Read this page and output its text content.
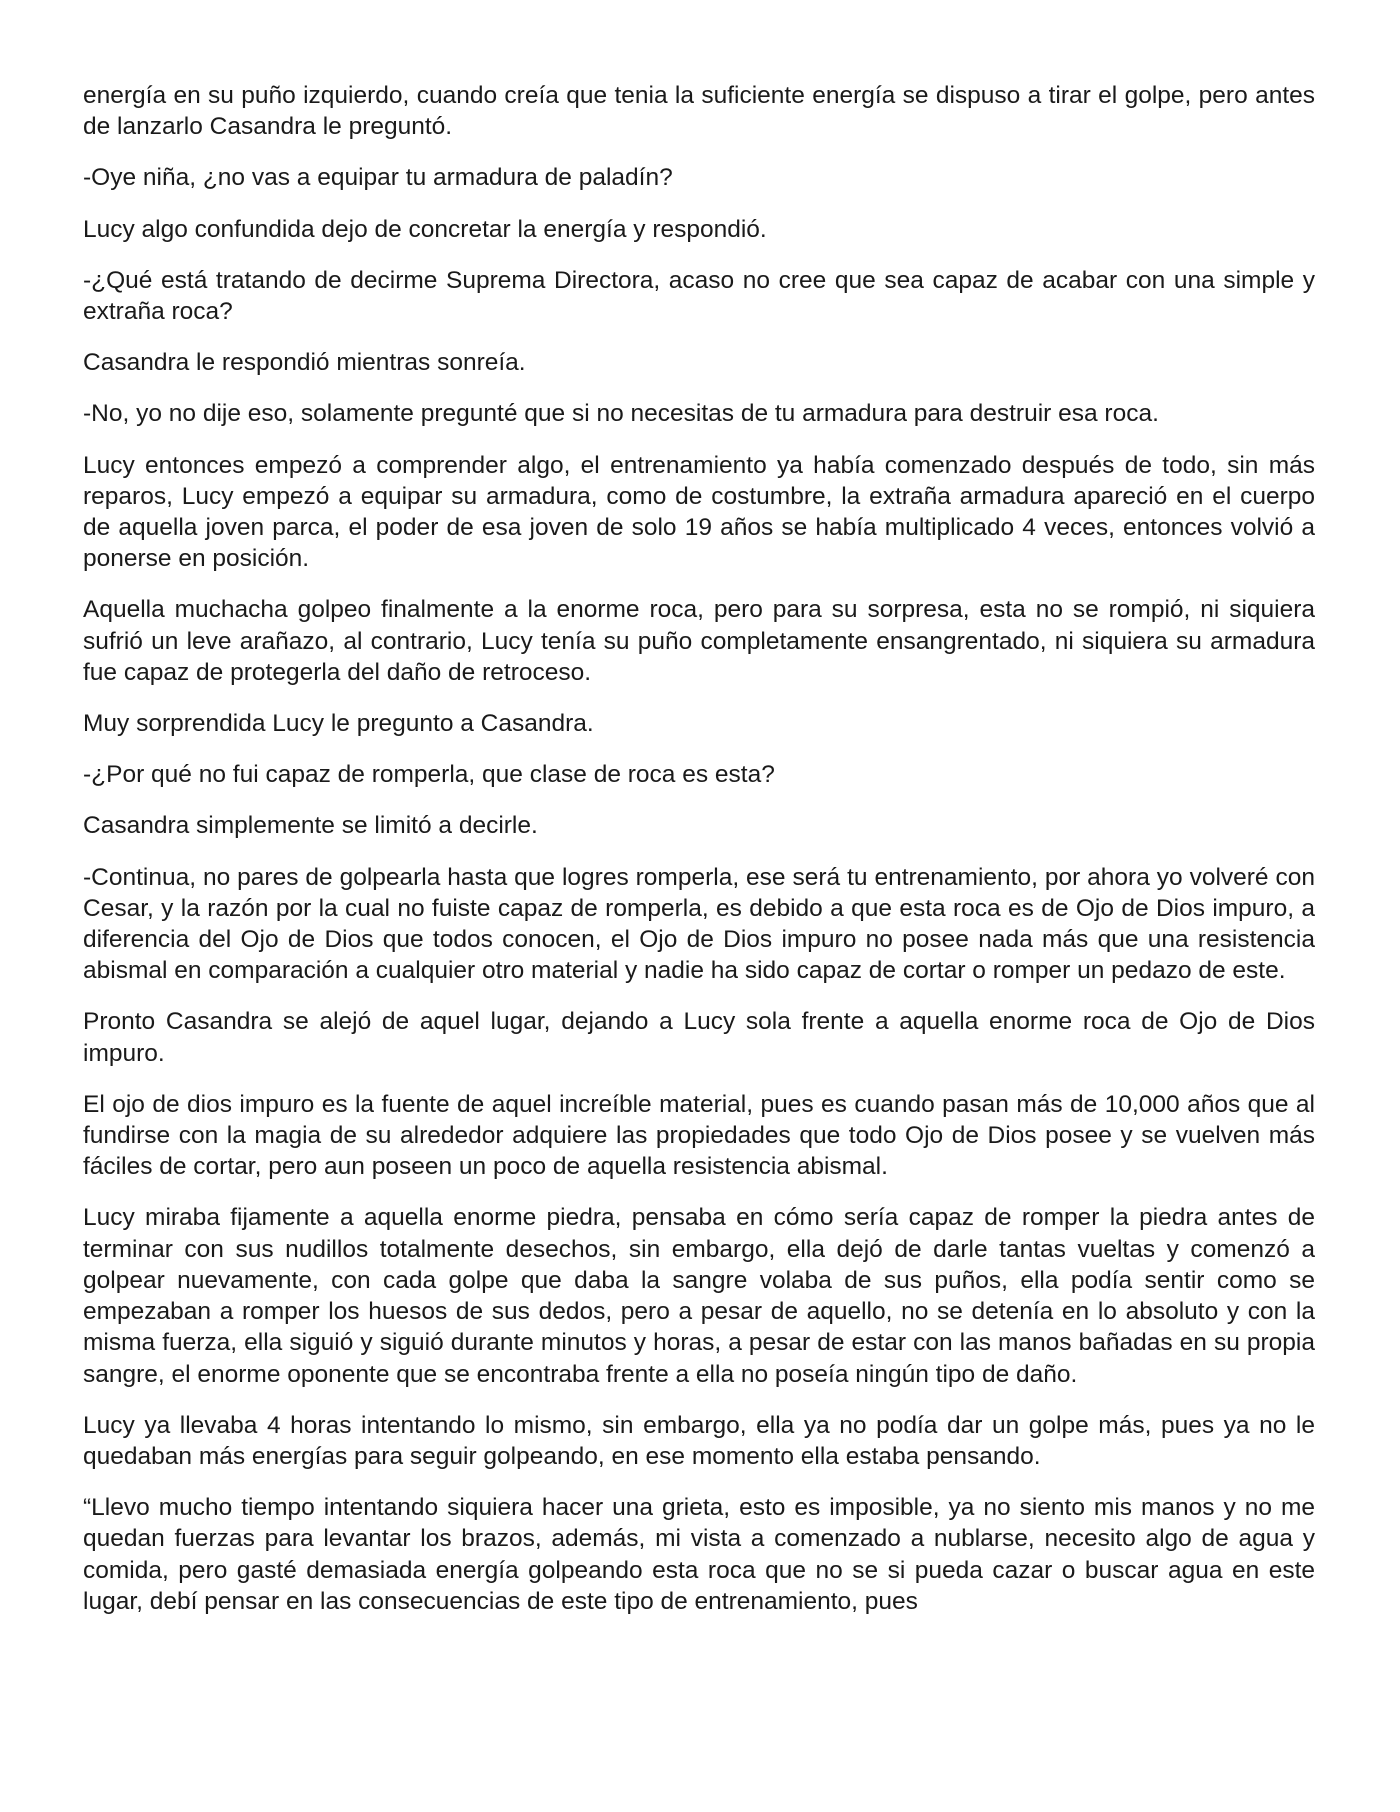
energía en su puño izquierdo, cuando creía que tenia la suficiente energía se dispuso a tirar el golpe, pero antes de lanzarlo Casandra le preguntó.

-Oye niña, ¿no vas a equipar tu armadura de paladín?

Lucy algo confundida dejo de concretar la energía y respondió.

-¿Qué está tratando de decirme Suprema Directora, acaso no cree que sea capaz de acabar con una simple y extraña roca?

Casandra le respondió mientras sonreía.

-No, yo no dije eso, solamente pregunté que si no necesitas de tu armadura para destruir esa roca.

Lucy entonces empezó a comprender algo, el entrenamiento ya había comenzado después de todo, sin más reparos, Lucy empezó a equipar su armadura, como de costumbre, la extraña armadura apareció en el cuerpo de aquella joven parca, el poder de esa joven de solo 19 años se había multiplicado 4 veces, entonces volvió a ponerse en posición.

Aquella muchacha golpeo finalmente a la enorme roca, pero para su sorpresa, esta no se rompió, ni siquiera sufrió un leve arañazo, al contrario, Lucy tenía su puño completamente ensangrentado, ni siquiera su armadura fue capaz de protegerla del daño de retroceso.

Muy sorprendida Lucy le pregunto a Casandra.

-¿Por qué no fui capaz de romperla, que clase de roca es esta?

Casandra simplemente se limitó a decirle.

-Continua, no pares de golpearla hasta que logres romperla, ese será tu entrenamiento, por ahora yo volveré con Cesar, y la razón por la cual no fuiste capaz de romperla, es debido a que esta roca es de Ojo de Dios impuro, a diferencia del Ojo de Dios que todos conocen, el Ojo de Dios impuro no posee nada más que una resistencia abismal en comparación a cualquier otro material y nadie ha sido capaz de cortar o romper un pedazo de este.

Pronto Casandra se alejó de aquel lugar, dejando a Lucy sola frente a aquella enorme roca de Ojo de Dios impuro.

El ojo de dios impuro es la fuente de aquel increíble material, pues es cuando pasan más de 10,000 años que al fundirse con la magia de su alrededor adquiere las propiedades que todo Ojo de Dios posee y se vuelven más fáciles de cortar, pero aun poseen un poco de aquella resistencia abismal.

Lucy miraba fijamente a aquella enorme piedra, pensaba en cómo sería capaz de romper la piedra antes de terminar con sus nudillos totalmente desechos, sin embargo, ella dejó de darle tantas vueltas y comenzó a golpear nuevamente, con cada golpe que daba la sangre volaba de sus puños, ella podía sentir como se empezaban a romper los huesos de sus dedos, pero a pesar de aquello, no se detenía en lo absoluto y con la misma fuerza, ella siguió y siguió durante minutos y horas, a pesar de estar con las manos bañadas en su propia sangre, el enorme oponente que se encontraba frente a ella no poseía ningún tipo de daño.

Lucy ya llevaba 4 horas intentando lo mismo, sin embargo, ella ya no podía dar un golpe más, pues ya no le quedaban más energías para seguir golpeando, en ese momento ella estaba pensando.

“Llevo mucho tiempo intentando siquiera hacer una grieta, esto es imposible, ya no siento mis manos y no me quedan fuerzas para levantar los brazos, además, mi vista a comenzado a nublarse, necesito algo de agua y comida, pero gasté demasiada energía golpeando esta roca que no se si pueda cazar o buscar agua en este lugar, debí pensar en las consecuencias de este tipo de entrenamiento, pues
